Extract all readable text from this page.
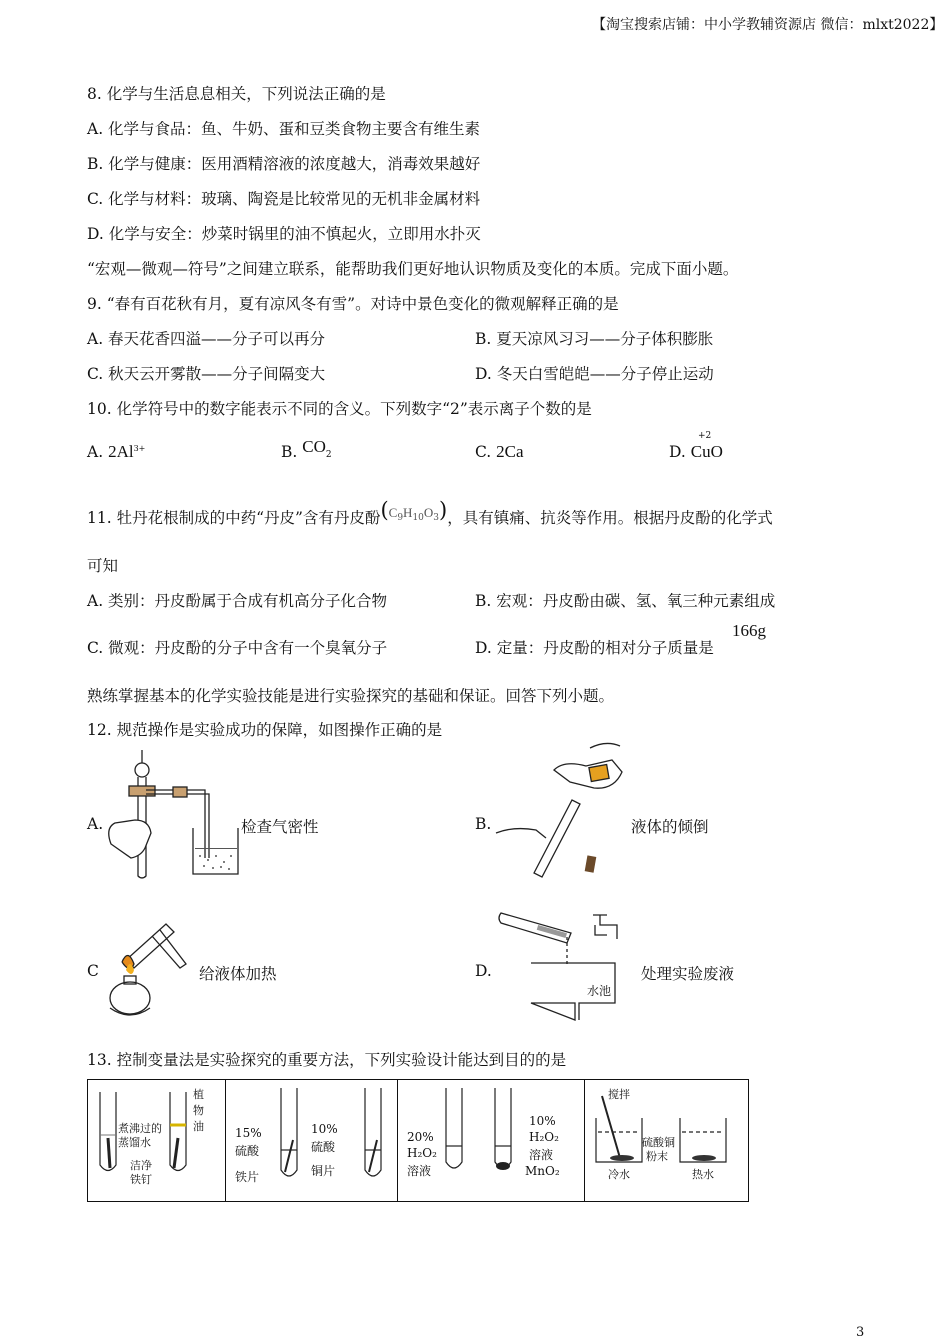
【淘宝搜索店铺：中小学教辅资源店 微信：mlxt2022】
8. 化学与生活息息相关，下列说法正确的是
A. 化学与食品：鱼、牛奶、蛋和豆类食物主要含有维生素
B. 化学与健康：医用酒精溶液的浓度越大，消毒效果越好
C. 化学与材料：玻璃、陶瓷是比较常见的无机非金属材料
D. 化学与安全：炒菜时锅里的油不慎起火，立即用水扑灭
“宏观—微观—符号”之间建立联系，能帮助我们更好地认识物质及变化的本质。完成下面小题。
9. “春有百花秋有月，夏有凉风冬有雪”。对诗中景色变化的微观解释正确的是
A. 春天花香四溢——分子可以再分	B. 夏天凉风习习——分子体积膨胀
C. 秋天云开雾散——分子间隔变大	D. 冬天白雪皑皑——分子停止运动
10. 化学符号中的数字能表示不同的含义。下列数字“2”表示离子个数的是
A. $2Al^{3+}$	B. $CO_2$	C. 2Ca	D. CuO
+2
11. 牡丹花根制成的中药“丹皮”含有丹皮酚$(C_9H_{10}O_3)$，具有镇痛、抗炎等作用。根据丹皮酚的化学式
可知
A. 类别：丹皮酚属于合成有机高分子化合物	B. 宏观：丹皮酚由碳、氢、氧三种元素组成
C. 微观：丹皮酚的分子中含有一个臭氧分子	D. 定量：丹皮酚的相对分子质量是
166g
熟练掌握基本的化学实验技能是进行实验探究的基础和保证。回答下列小题。
12. 规范操作是实验成功的保障，如图操作正确的是
A.	检查气密性	B.	液体的倾倒
C	给液体加热	D.
水池
处理实验废液
13. 控制变量法是实验探究的重要方法，下列实验设计能达到目的的是
煮沸过的
蒸馏水
植
物
油
洁净
铁钉
15%
硫酸
铁片
10%
硫酸
铜片
20%
H₂O₂
溶液
10%
H₂O₂
溶液
MnO₂
搅拌
硫酸铜
粉末
冷水	热水
3
